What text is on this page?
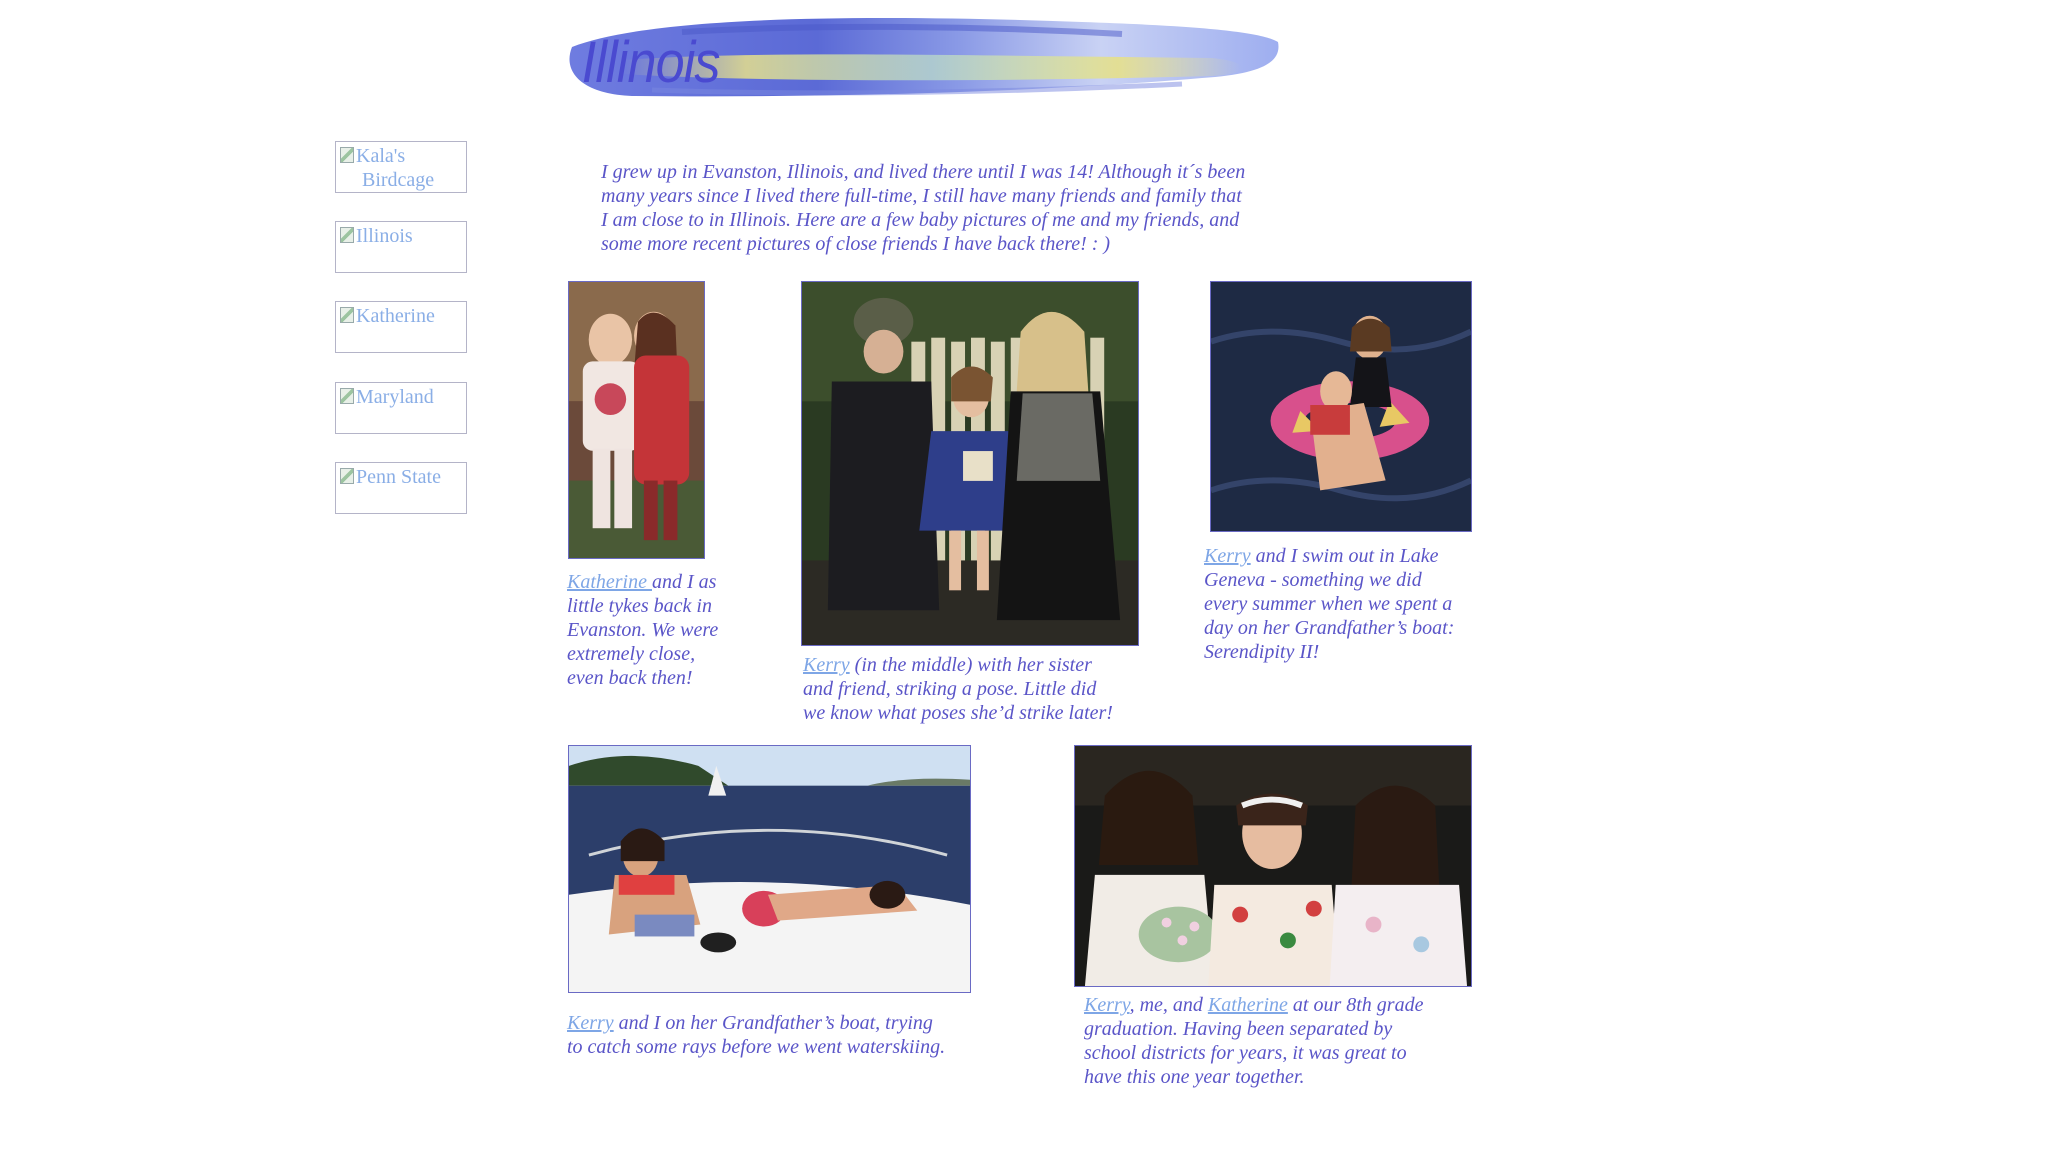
Illinois
Kala's
Birdcage
Illinois
Katherine
Maryland
Penn State
I grew up in Evanston, Illinois, and lived there until I was 14! Although it´s been
many years since I lived there full-time, I still have many friends and family that
I am close to in Illinois. Here are a few baby pictures of me and my friends, and
some more recent pictures of close friends I have back there! : )
Katherine and I as
little tykes back in
Evanston. We were
extremely close,
even back then!
Kerry (in the middle) with her sister
and friend, striking a pose. Little did
we know what poses she’d strike later!
Kerry and I swim out in Lake
Geneva - something we did
every summer when we spent a
day on her Grandfather’s boat:
Serendipity II!
Kerry and I on her Grandfather’s boat, trying
to catch some rays before we went waterskiing.
Kerry, me, and Katherine at our 8th grade
graduation. Having been separated by
school districts for years, it was great to
have this one year together.
